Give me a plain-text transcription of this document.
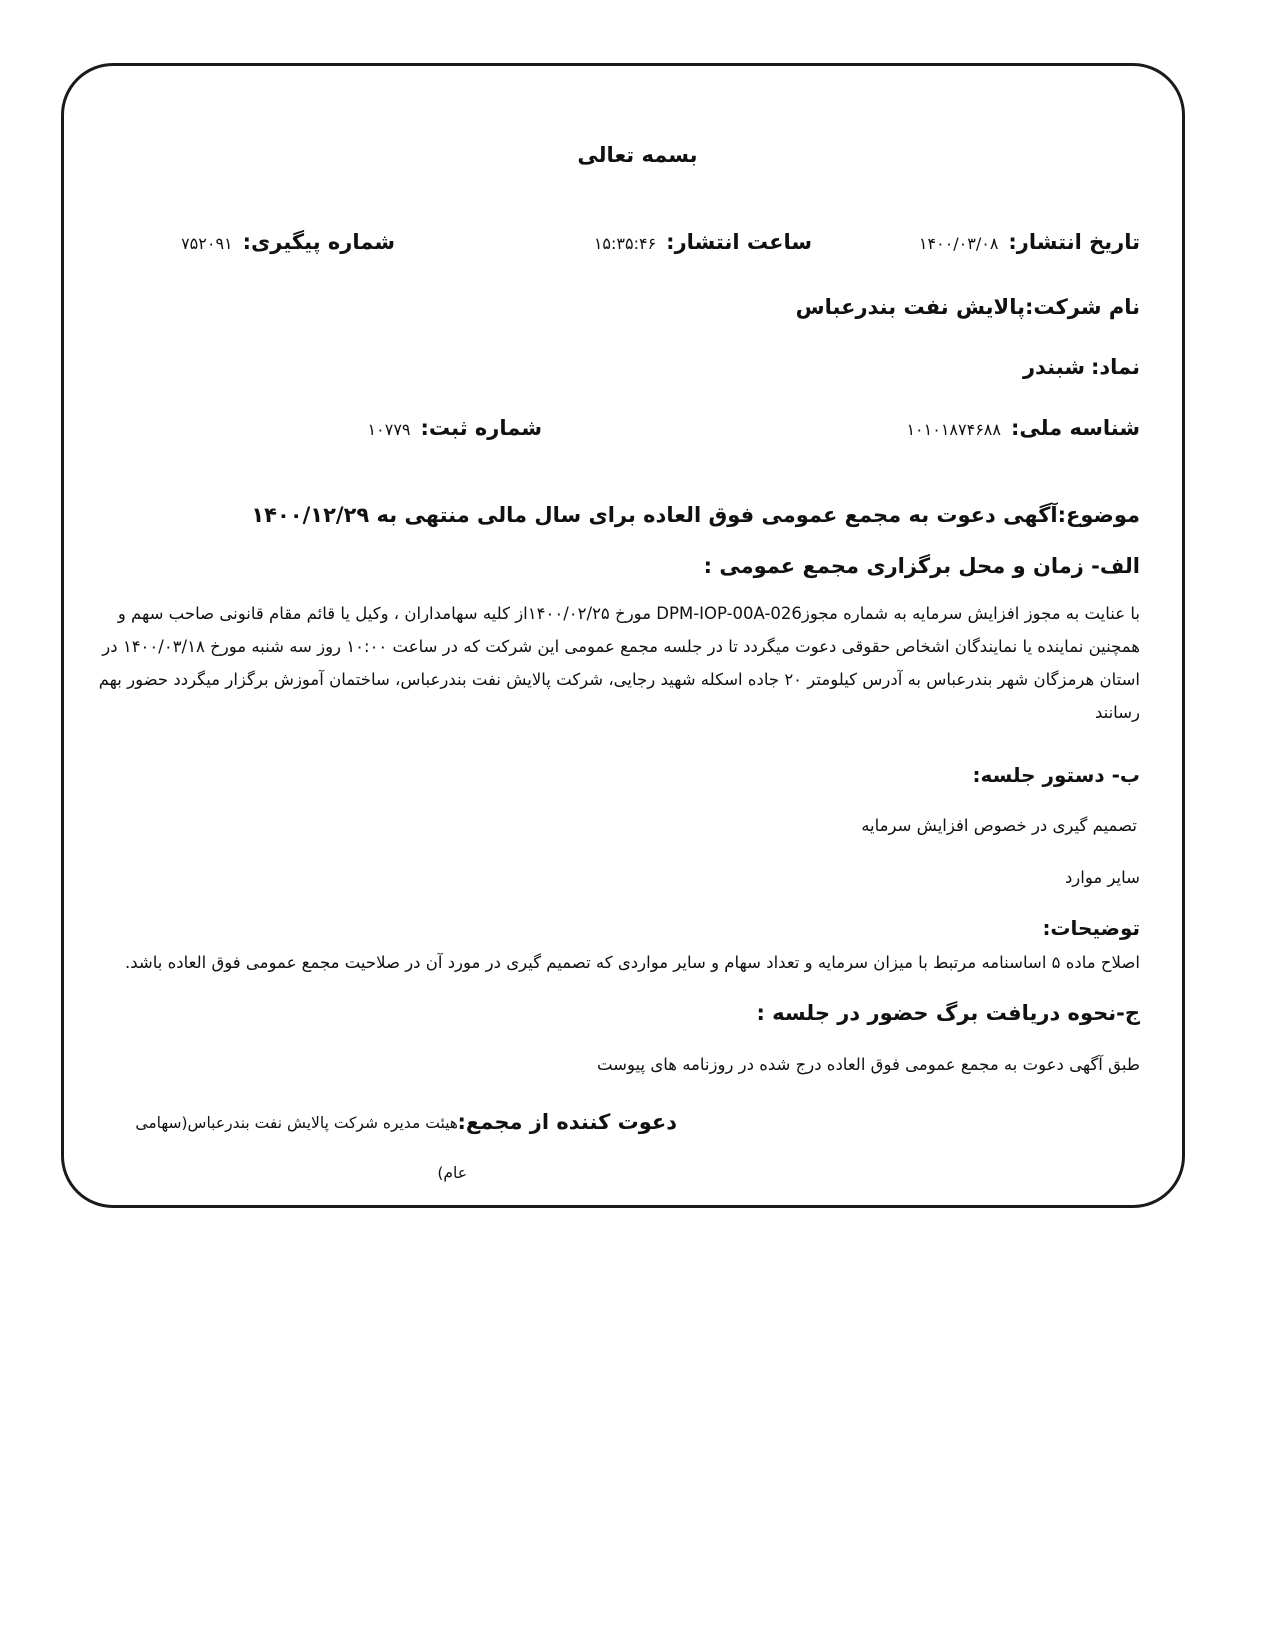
بسمه تعالی
تاریخ انتشار:۱۴۰۰/۰۳/۰۸
ساعت انتشار:۱۵:۳۵:۴۶
شماره پیگیری:۷۵۲۰۹۱
نام شرکت:پالایش نفت بندرعباس
نماد:شبندر
شناسه ملی:۱۰۱۰۱۸۷۴۶۸۸
شماره ثبت:۱۰۷۷۹
موضوع:آگهی دعوت به مجمع عمومی فوق العاده برای سال مالی منتهی به ۱۴۰۰/۱۲/۲۹
الف- زمان و محل برگزاری مجمع عمومی :
با عنایت به مجوز افزایش سرمایه به شماره مجوزDPM-IOP-00A-026 مورخ ۱۴۰۰/۰۲/۲۵از کلیه سهامداران ، وکیل یا قائم مقام قانونی صاحب سهم و
همچنین نماینده یا نمایندگان اشخاص حقوقی دعوت میگردد تا در جلسه مجمع عمومی این شرکت که در ساعت ۱۰:۰۰ روز سه شنبه مورخ ۱۴۰۰/۰۳/۱۸ در
استان هرمزگان شهر بندرعباس به آدرس کیلومتر ۲۰ جاده اسکله شهید رجایی، شرکت پالایش نفت بندرعباس، ساختمان آموزش برگزار میگردد حضور بهم
رسانند
ب- دستور جلسه:
تصمیم گیری در خصوص افزایش سرمایه
سایر موارد
توضیحات:
اصلاح ماده ۵ اساسنامه مرتبط با میزان سرمایه و تعداد سهام و سایر مواردی که تصمیم گیری در مورد آن در صلاحیت مجمع عمومی فوق العاده باشد.
ج-نحوه دریافت برگ حضور در جلسه :
طبق آگهی دعوت به مجمع عمومی فوق العاده درج شده در روزنامه های پیوست
دعوت کننده از مجمع:
هیئت مدیره شرکت پالایش نفت بندرعباس(سهامی
عام)
